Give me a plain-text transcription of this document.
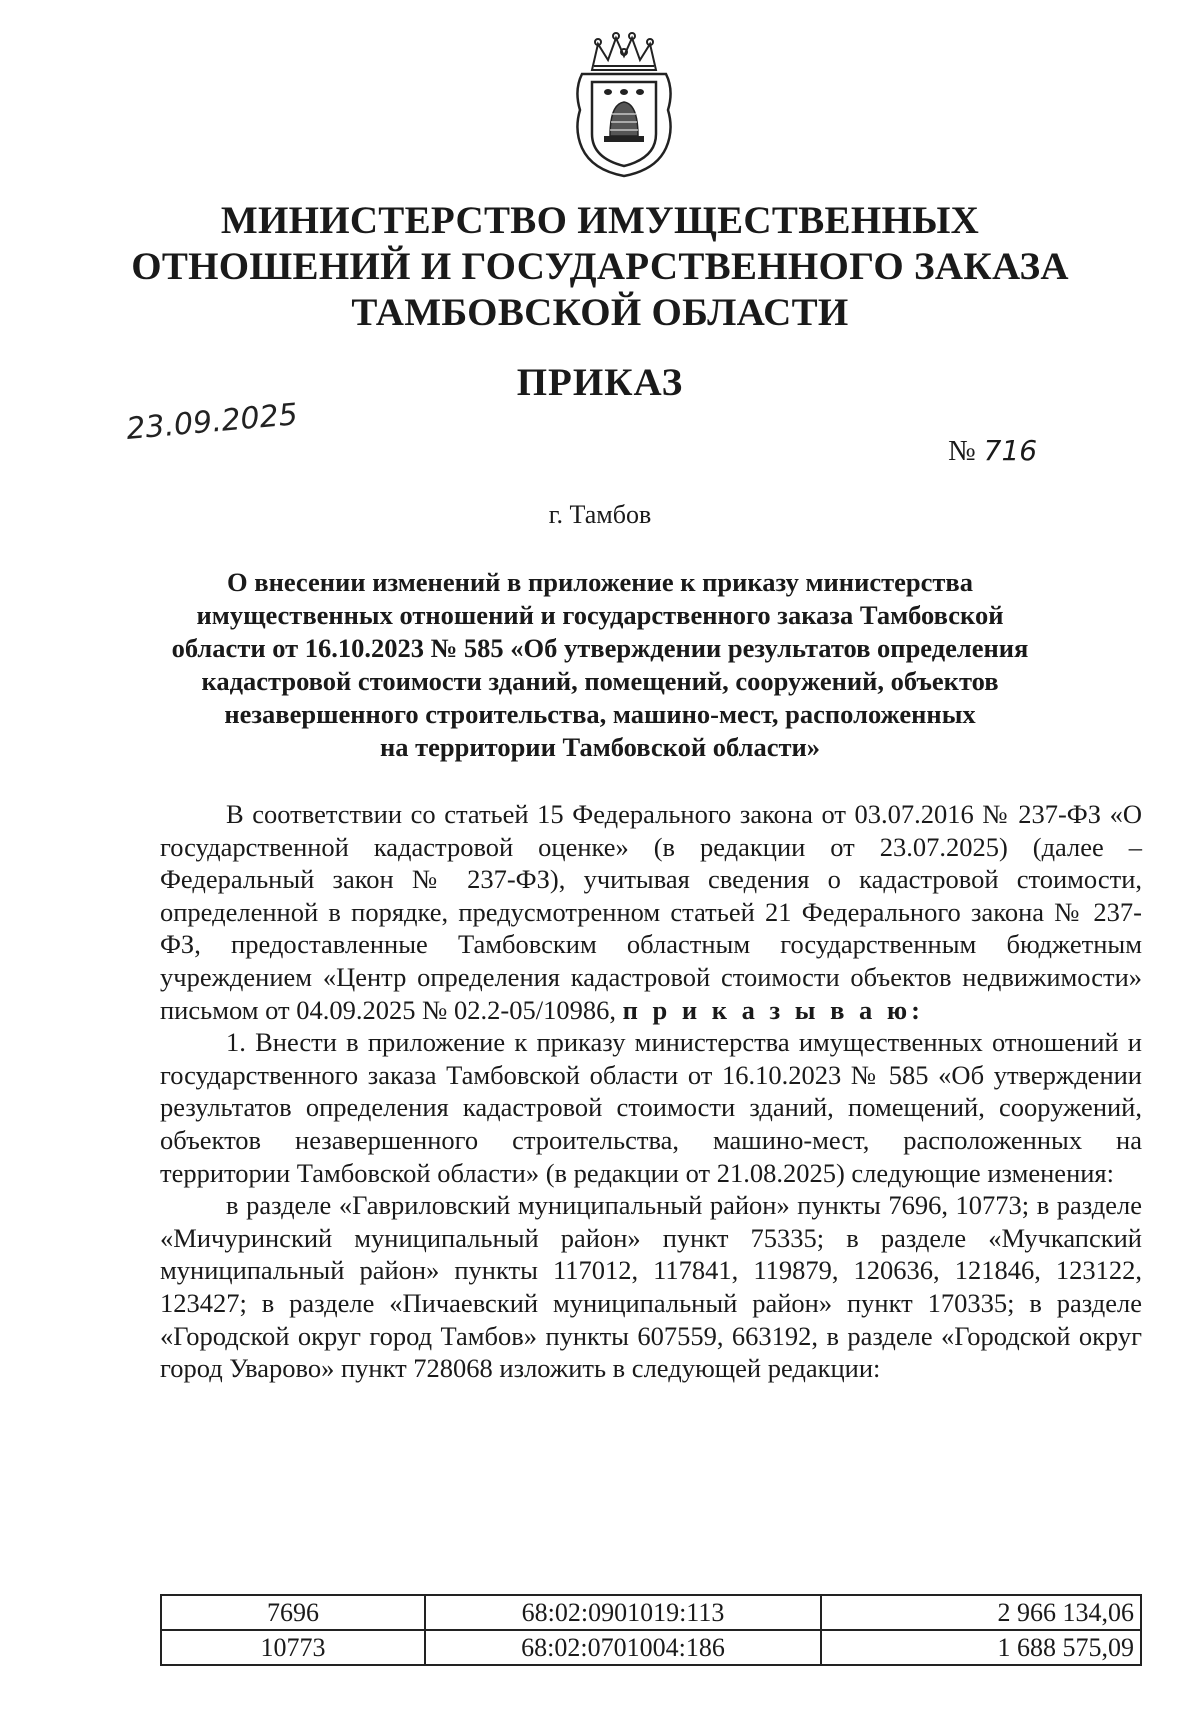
МИНИСТЕРСТВО ИМУЩЕСТВЕННЫХ
ОТНОШЕНИЙ И ГОСУДАРСТВЕННОГО ЗАКАЗА
ТАМБОВСКОЙ ОБЛАСТИ
ПРИКАЗ
23.09.2025
№ 716
г. Тамбов
О внесении изменений в приложение к приказу министерства
имущественных отношений и государственного заказа Тамбовской
области от 16.10.2023 № 585 «Об утверждении результатов определения
кадастровой стоимости зданий, помещений, сооружений, объектов
незавершенного строительства, машино-мест, расположенных
на территории Тамбовской области»

В соответствии со статьей 15 Федерального закона от 03.07.2016 № 237-ФЗ «О государственной кадастровой оценке» (в редакции от 23.07.2025) (далее – Федеральный закон № 237-ФЗ), учитывая сведения о кадастровой стоимости, определенной в порядке, предусмотренном статьей 21 Федерального закона № 237-ФЗ, предоставленные Тамбовским областным государственным бюджетным учреждением «Центр определения кадастровой стоимости объектов недвижимости» письмом от 04.09.2025 № 02.2-05/10986, п р и к а з ы в а ю:

1. Внести в приложение к приказу министерства имущественных отношений и государственного заказа Тамбовской области от 16.10.2023 № 585 «Об утверждении результатов определения кадастровой стоимости зданий, помещений, сооружений, объектов незавершенного строительства, машино-мест, расположенных на территории Тамбовской области» (в редакции от 21.08.2025) следующие изменения:

в разделе «Гавриловский муниципальный район» пункты 7696, 10773; в разделе «Мичуринский муниципальный район» пункт 75335; в разделе «Мучкапский муниципальный район» пункты 117012, 117841, 119879, 120636, 121846, 123122, 123427; в разделе «Пичаевский муниципальный район» пункт 170335; в разделе «Городской округ город Тамбов» пункты 607559, 663192, в разделе «Городской округ город Уварово» пункт 728068 изложить в следующей редакции:

7696	68:02:0901019:113	2 966 134,06
10773	68:02:0701004:186	1 688 575,09
